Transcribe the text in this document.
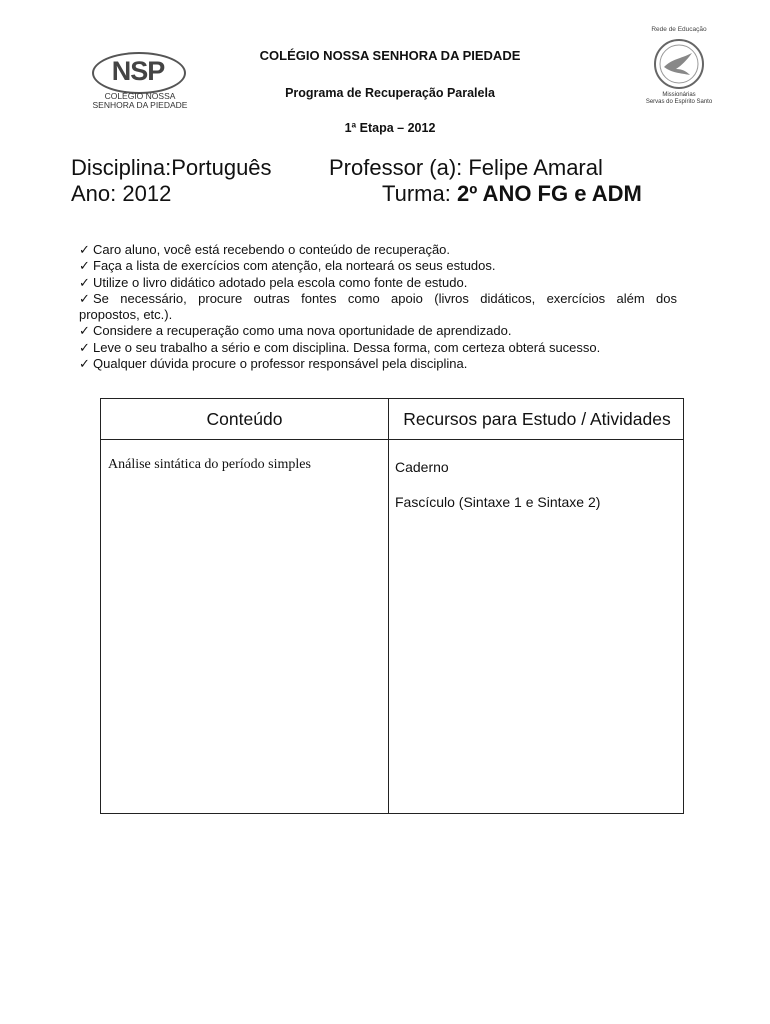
NSP
COLÉGIO NOSSA
SENHORA DA PIEDADE
COLÉGIO NOSSA SENHORA DA PIEDADE
Programa de Recuperação Paralela
1ª Etapa – 2012
Rede de Educação
Missionárias
Servas do Espírito Santo
Disciplina:Português
Ano: 2012
Professor (a): Felipe Amaral
Turma: 2º ANO FG e ADM
✓ Caro aluno, você está recebendo o conteúdo de recuperação.
✓ Faça a lista de exercícios com atenção, ela norteará os seus estudos.
✓ Utilize o livro didático adotado pela escola como fonte de estudo.
✓ Se necessário, procure outras fontes como apoio (livros didáticos, exercícios além dos
propostos, etc.).
✓ Considere a recuperação como uma nova oportunidade de aprendizado.
✓ Leve o seu trabalho a sério e com disciplina. Dessa forma, com certeza obterá sucesso.
✓ Qualquer dúvida procure o professor responsável pela disciplina.
Conteúdo	Recursos para Estudo / Atividades
Análise sintática do período simples	Caderno
Fascículo (Sintaxe 1 e Sintaxe 2)
